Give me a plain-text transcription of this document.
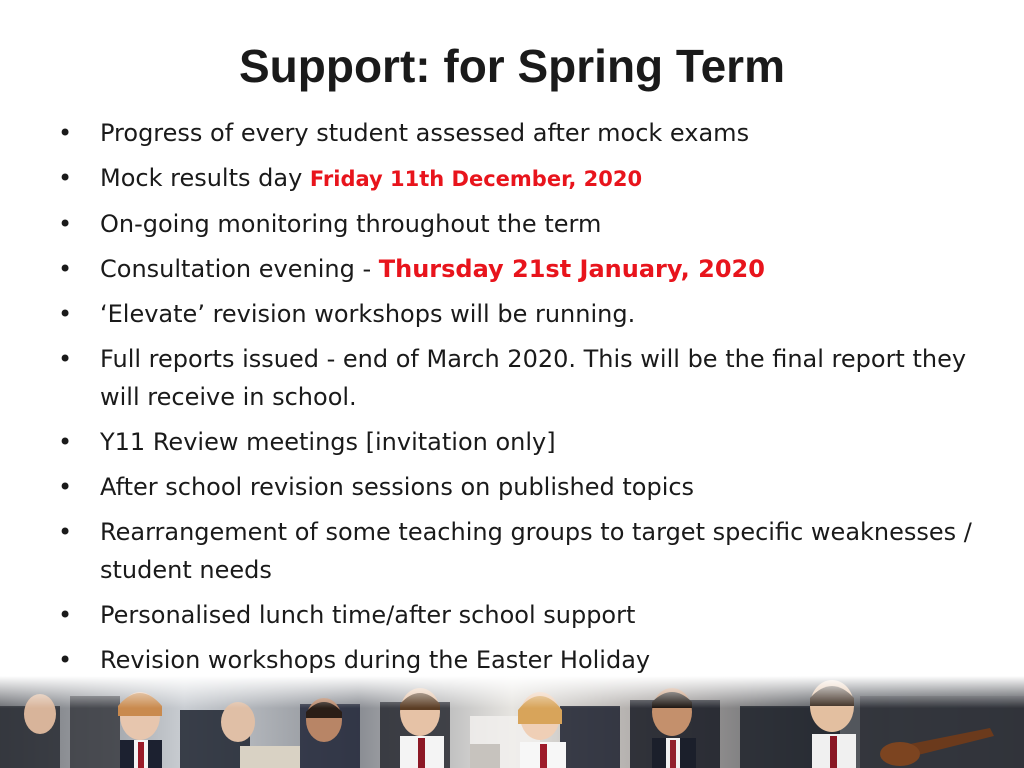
Support: for Spring Term
• Progress of every student assessed after mock exams
• Mock results day Friday 11th December, 2020
• On-going monitoring throughout the term
• Consultation evening - Thursday 21st January, 2020
• ‘Elevate’ revision workshops will be running.
• Full reports issued - end of March 2020. This will be the final report they will receive in school.
• Y11 Review meetings [invitation only]
• After school revision sessions on published topics
• Rearrangement of some teaching groups to target specific weaknesses / student needs
• Personalised lunch time/after school support
• Revision workshops during the Easter Holiday
